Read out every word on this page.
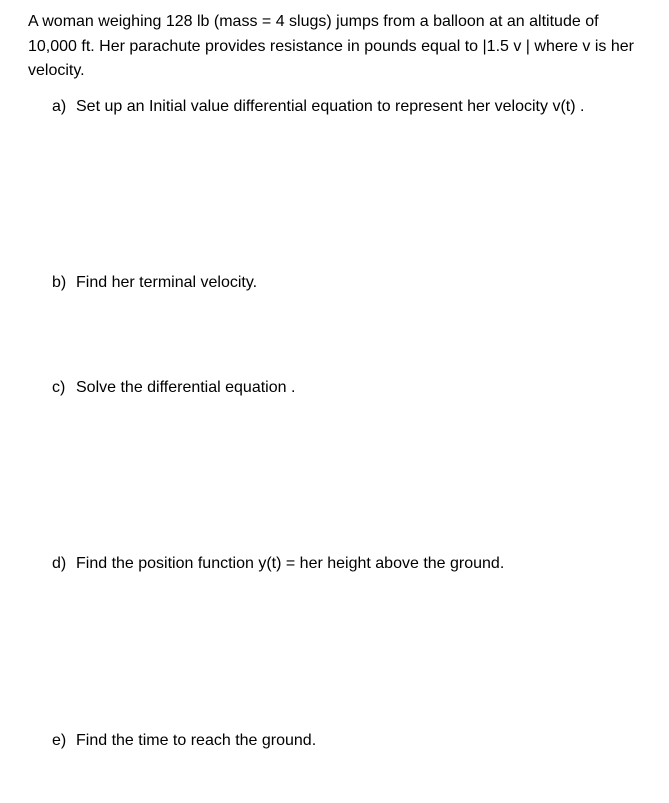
A woman weighing 128 lb (mass = 4 slugs) jumps from a balloon at an altitude of 10,000 ft. Her parachute provides resistance in pounds equal to |1.5 v | where v is her velocity.

a) Set up an Initial value differential equation to represent her velocity v(t) .

b) Find her terminal velocity.

c) Solve the differential equation .

d) Find the position function y(t) = her height above the ground.

e) Find the time to reach the ground.
